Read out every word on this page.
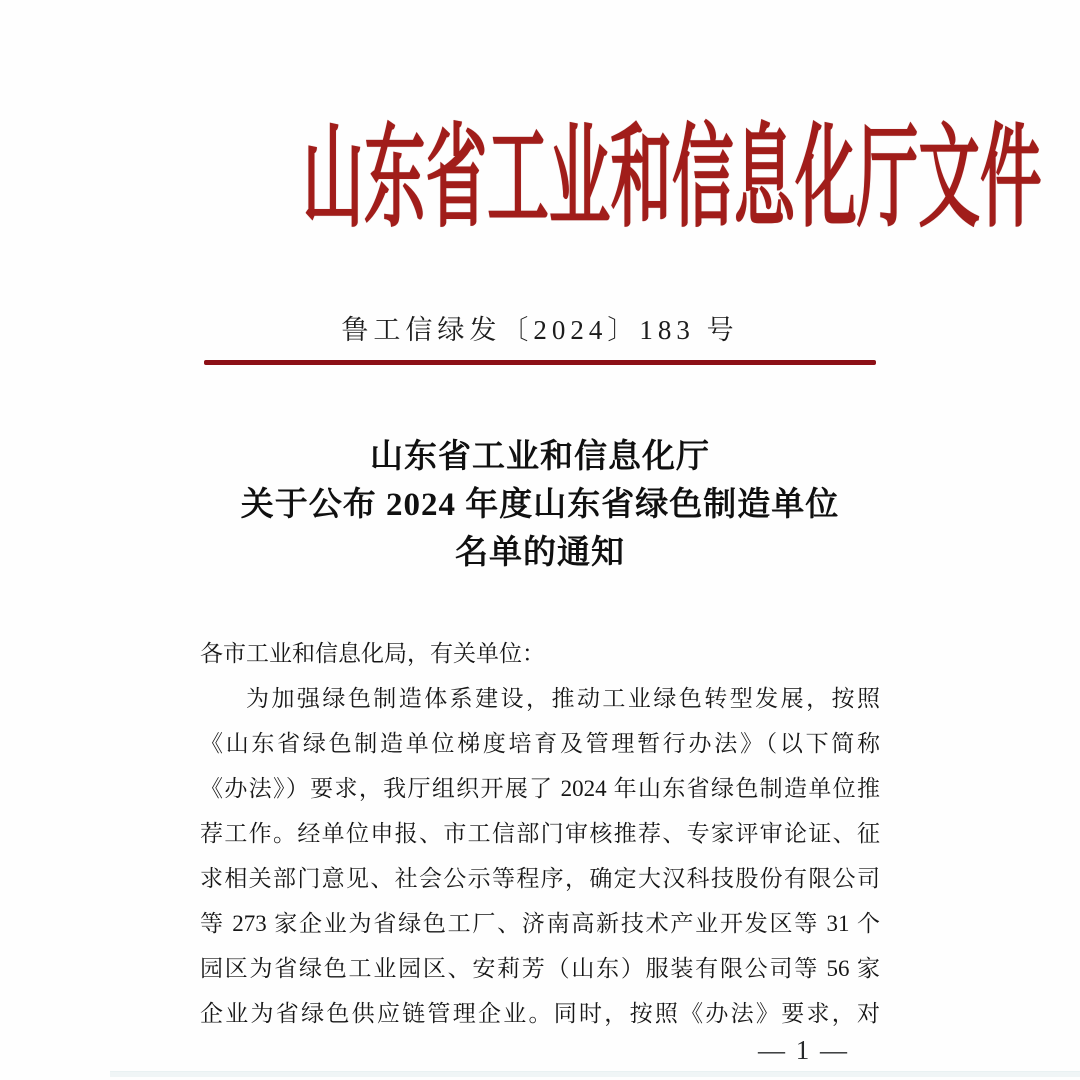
山东省工业和信息化厅文件
鲁工信绿发〔2024〕183 号
山东省工业和信息化厅
关于公布 2024 年度山东省绿色制造单位
名单的通知
各市工业和信息化局，有关单位：
为加强绿色制造体系建设，推动工业绿色转型发展，按照
《山东省绿色制造单位梯度培育及管理暂行办法》（以下简称
《办法》）要求，我厅组织开展了 2024 年山东省绿色制造单位推
荐工作。经单位申报、市工信部门审核推荐、专家评审论证、征
求相关部门意见、社会公示等程序，确定大汉科技股份有限公司
等 273 家企业为省绿色工厂、济南高新技术产业开发区等 31 个
园区为省绿色工业园区、安莉芳（山东）服装有限公司等 56 家
企业为省绿色供应链管理企业。同时，按照《办法》要求，对
— 1 —
